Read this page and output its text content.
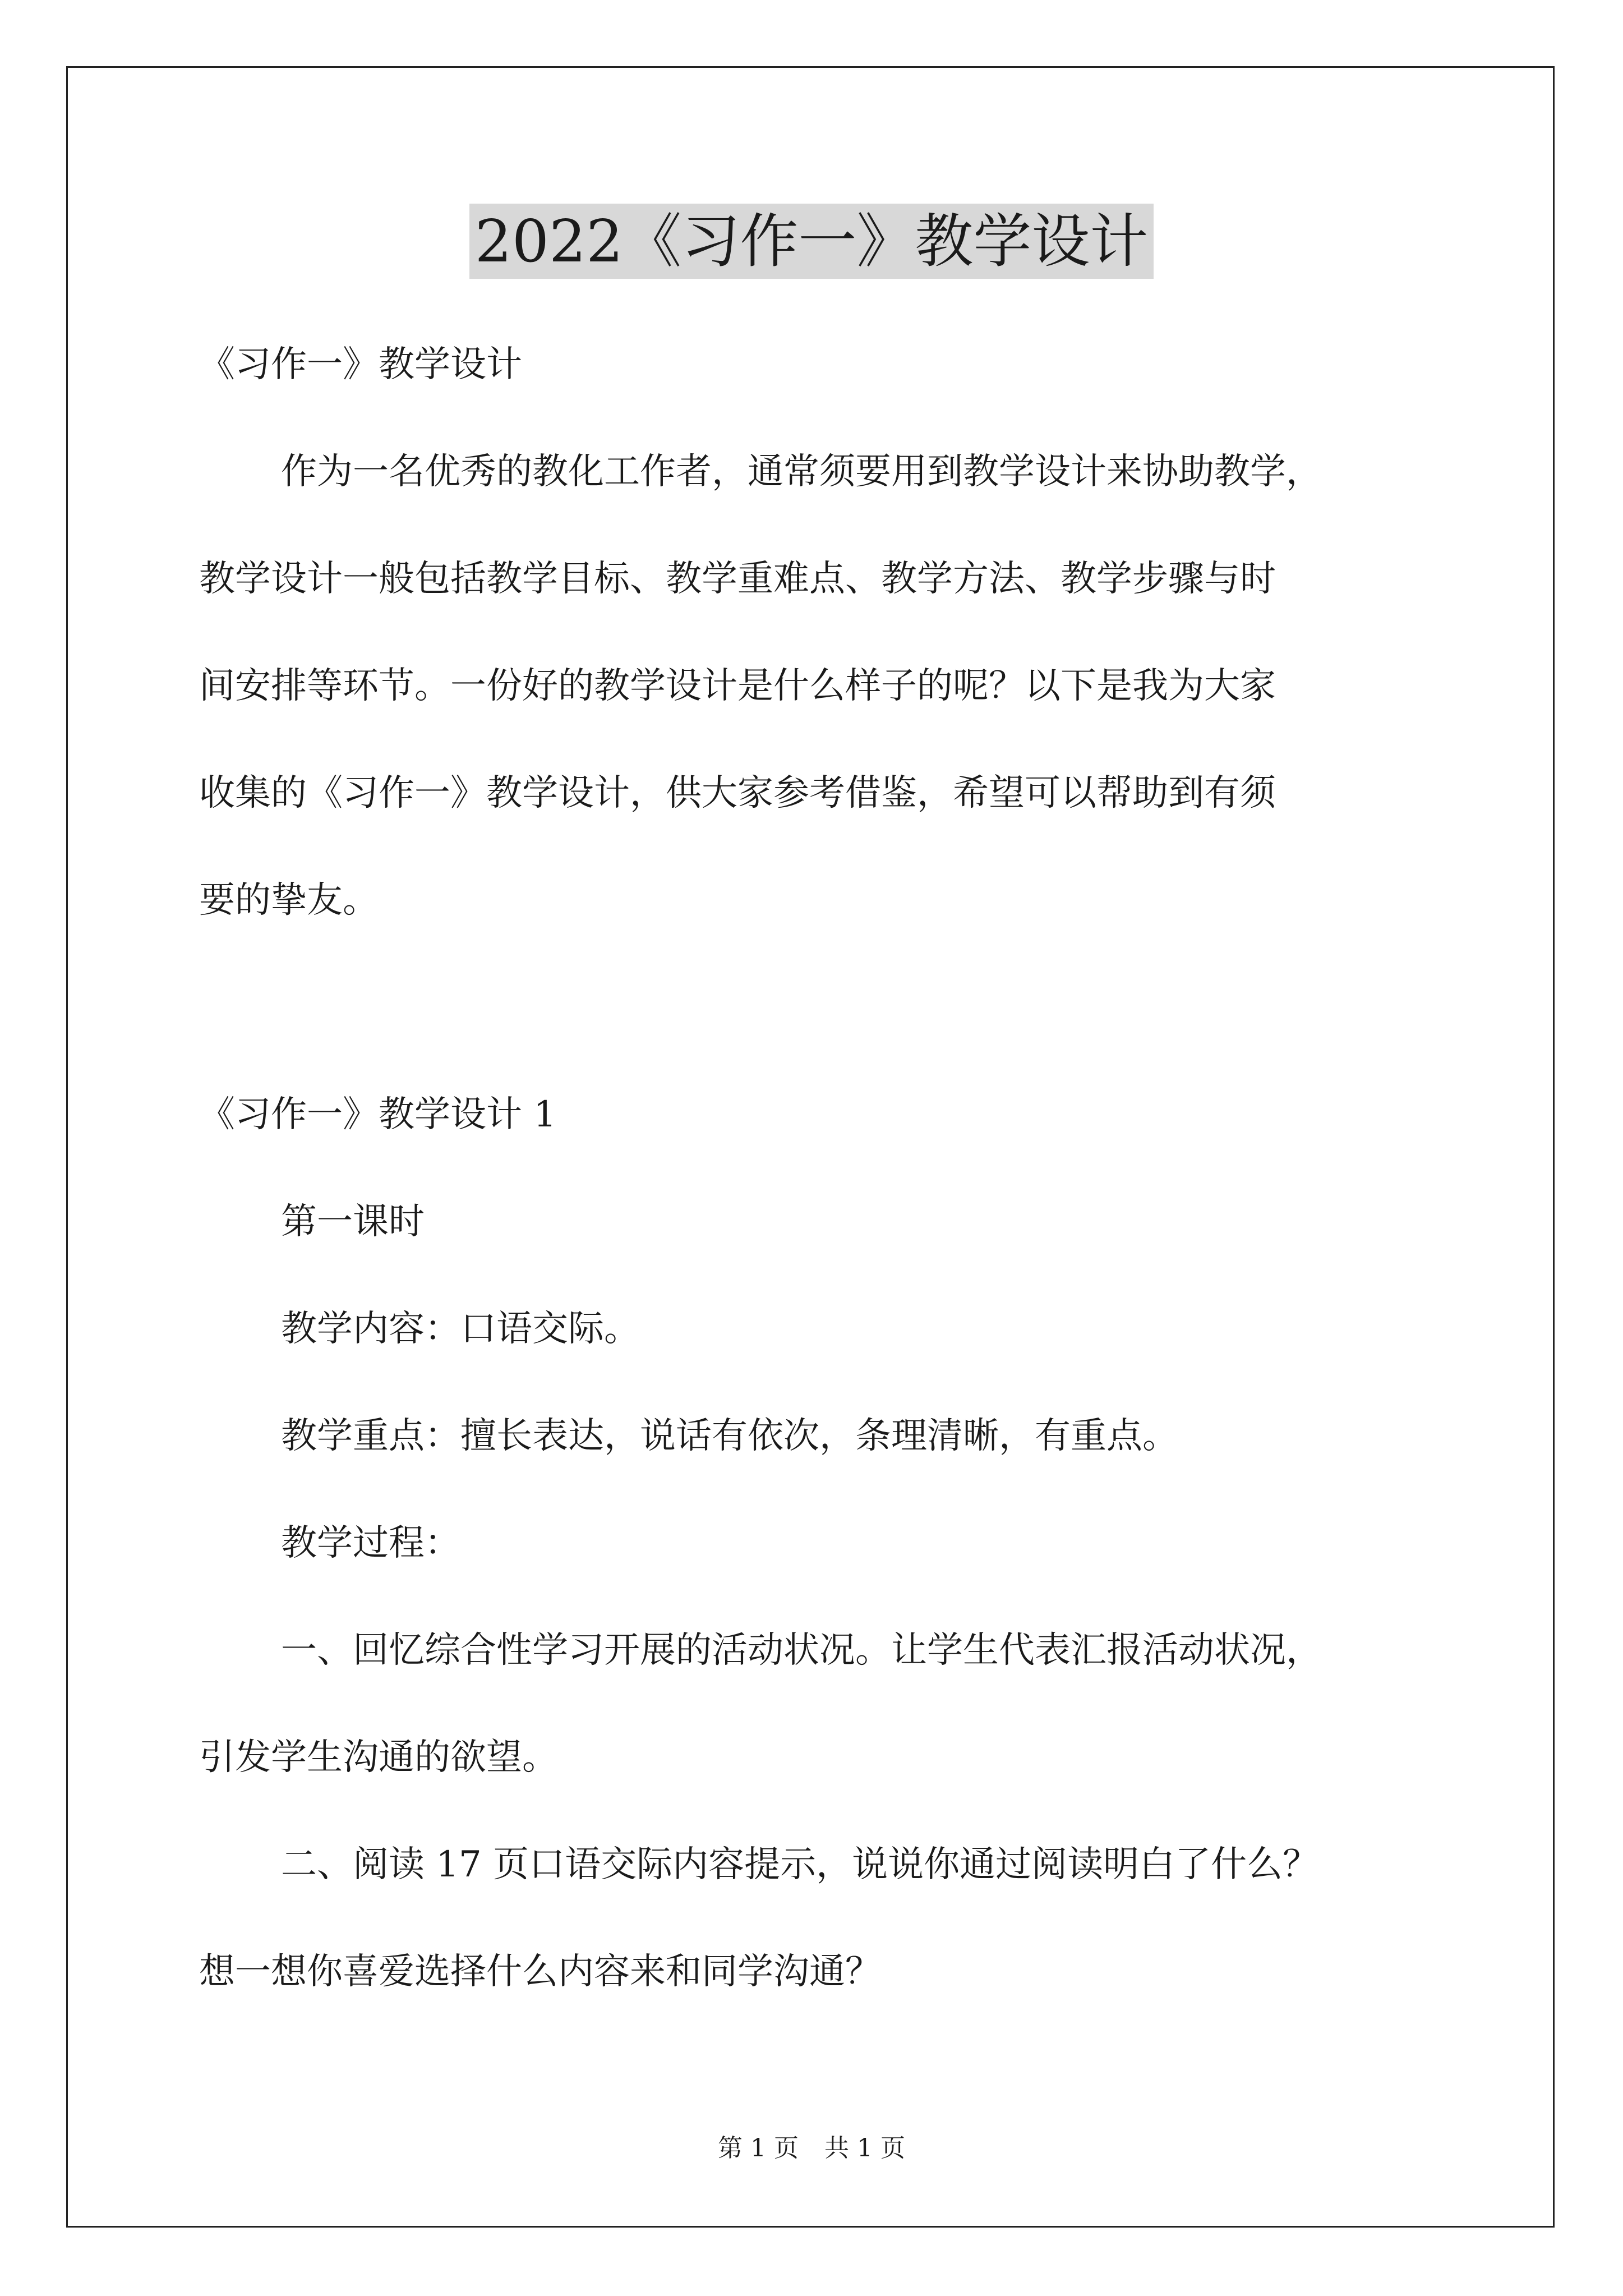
2022《习作一》教学设计

《习作一》教学设计

作为一名优秀的教化工作者，通常须要用到教学设计来协助教学，

教学设计一般包括教学目标、教学重难点、教学方法、教学步骤与时

间安排等环节。一份好的教学设计是什么样子的呢？以下是我为大家

收集的《习作一》教学设计，供大家参考借鉴，希望可以帮助到有须

要的挚友。

《习作一》教学设计 1

第一课时

教学内容：口语交际。

教学重点：擅长表达，说话有依次，条理清晰，有重点。

教学过程：

一、回忆综合性学习开展的活动状况。让学生代表汇报活动状况，

引发学生沟通的欲望。

二、阅读 17 页口语交际内容提示，说说你通过阅读明白了什么？

想一想你喜爱选择什么内容来和同学沟通？

第 1 页 共 1 页
